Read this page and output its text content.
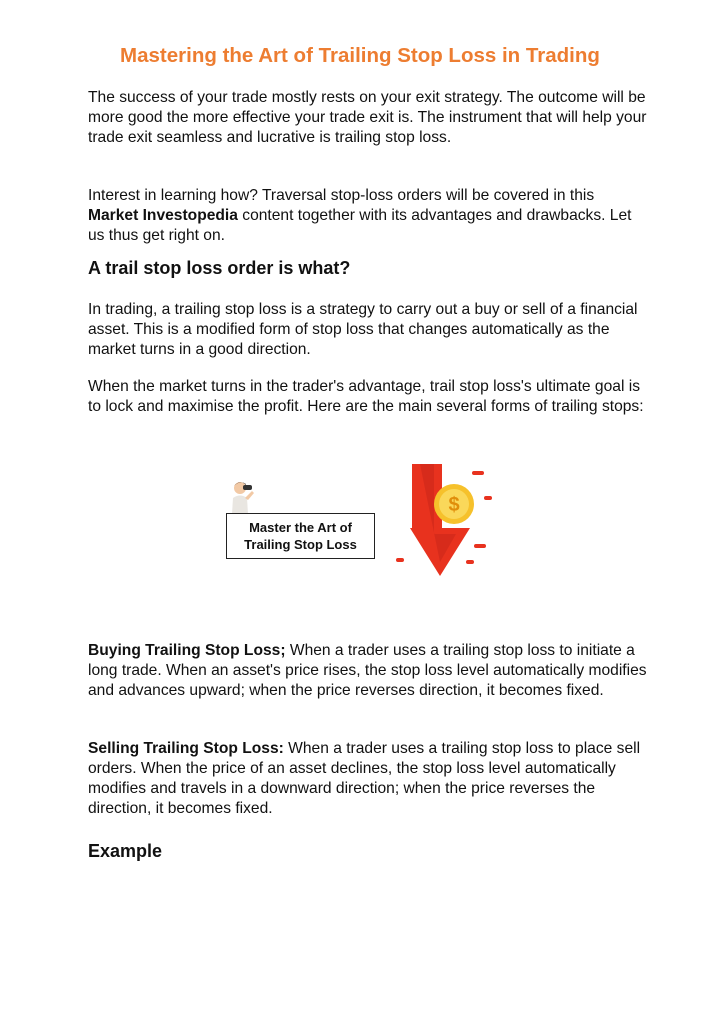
Mastering the Art of Trailing Stop Loss in Trading

The success of your trade mostly rests on your exit strategy. The outcome will be more good the more effective your trade exit is. The instrument that will help your trade exit seamless and lucrative is trailing stop loss.

Interest in learning how? Traversal stop-loss orders will be covered in this Market Investopedia content together with its advantages and drawbacks. Let us thus get right on.

A trail stop loss order is what?

In trading, a trailing stop loss is a strategy to carry out a buy or sell of a financial asset. This is a modified form of stop loss that changes automatically as the market turns in a good direction.

When the market turns in the trader's advantage, trail stop loss's ultimate goal is to lock and maximise the profit. Here are the main several forms of trailing stops:

Master the Art of
Trailing Stop Loss
$

Buying Trailing Stop Loss; When a trader uses a trailing stop loss to initiate a long trade. When an asset's price rises, the stop loss level automatically modifies and advances upward; when the price reverses direction, it becomes fixed.

Selling Trailing Stop Loss: When a trader uses a trailing stop loss to place sell orders. When the price of an asset declines, the stop loss level automatically modifies and travels in a downward direction; when the price reverses the direction, it becomes fixed.

Example
